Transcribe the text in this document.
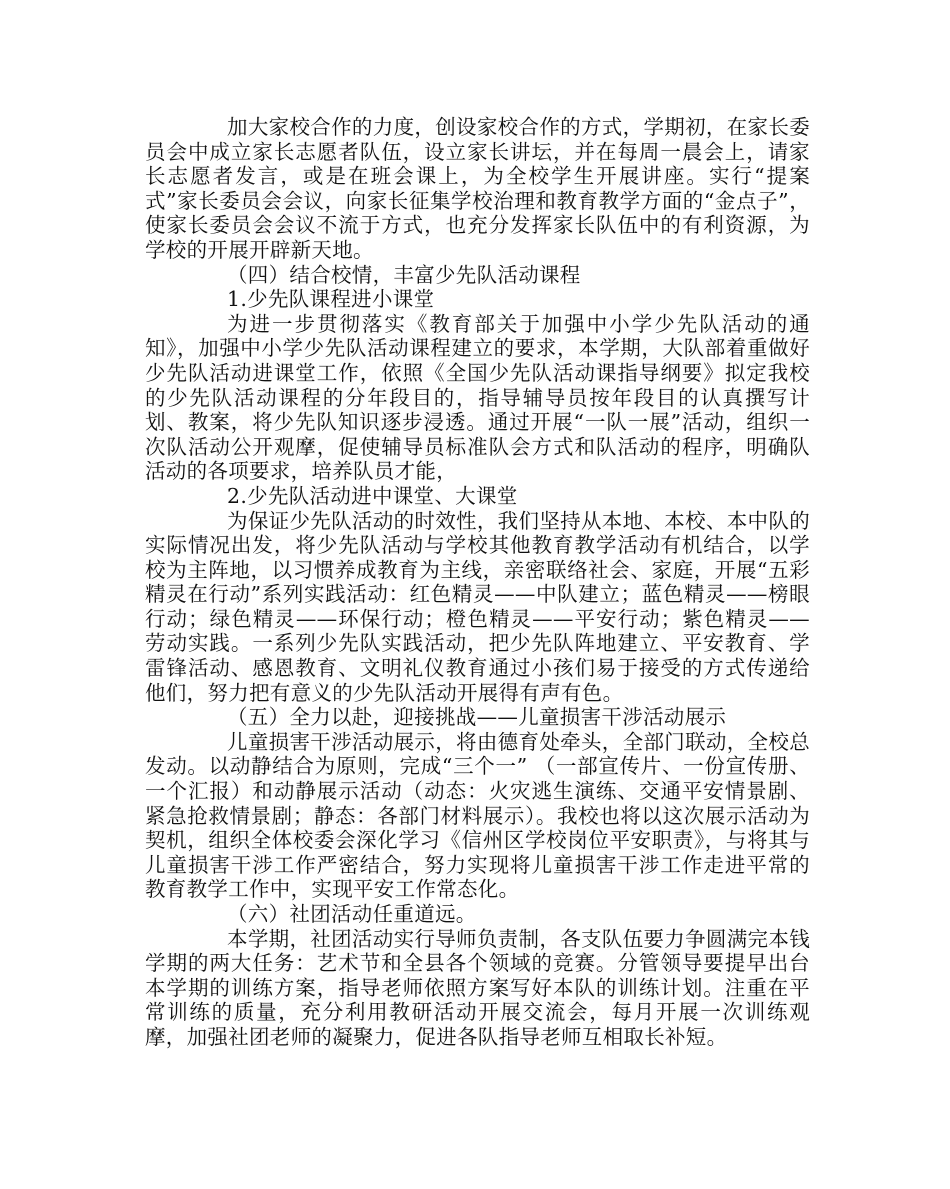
加大家校合作的力度，创设家校合作的方式，学期初，在家长委员会中成立家长志愿者队伍，设立家长讲坛，并在每周一晨会上，请家长志愿者发言，或是在班会课上，为全校学生开展讲座。实行“提案式”家长委员会会议，向家长征集学校治理和教育教学方面的“金点子”，使家长委员会会议不流于方式，也充分发挥家长队伍中的有利资源，为学校的开展开辟新天地。

（四）结合校情，丰富少先队活动课程

1.少先队课程进小课堂

为进一步贯彻落实《教育部关于加强中小学少先队活动的通知》，加强中小学少先队活动课程建立的要求，本学期，大队部着重做好少先队活动进课堂工作，依照《全国少先队活动课指导纲要》拟定我校的少先队活动课程的分年段目的，指导辅导员按年段目的认真撰写计划、教案，将少先队知识逐步浸透。通过开展“一队一展”活动，组织一次队活动公开观摩，促使辅导员标准队会方式和队活动的程序，明确队活动的各项要求，培养队员才能，

2.少先队活动进中课堂、大课堂

为保证少先队活动的时效性，我们坚持从本地、本校、本中队的实际情况出发，将少先队活动与学校其他教育教学活动有机结合，以学校为主阵地，以习惯养成教育为主线，亲密联络社会、家庭，开展“五彩精灵在行动”系列实践活动：红色精灵——中队建立；蓝色精灵——榜眼行动；绿色精灵——环保行动；橙色精灵——平安行动；紫色精灵——劳动实践。一系列少先队实践活动，把少先队阵地建立、平安教育、学雷锋活动、感恩教育、文明礼仪教育通过小孩们易于接受的方式传递给他们，努力把有意义的少先队活动开展得有声有色。

（五）全力以赴，迎接挑战——儿童损害干涉活动展示

儿童损害干涉活动展示，将由德育处牵头，全部门联动，全校总发动。以动静结合为原则，完成“三个一” （一部宣传片、一份宣传册、一个汇报）和动静展示活动（动态：火灾逃生演练、交通平安情景剧、紧急抢救情景剧；静态：各部门材料展示）。我校也将以这次展示活动为契机，组织全体校委会深化学习《信州区学校岗位平安职责》，与将其与儿童损害干涉工作严密结合，努力实现将儿童损害干涉工作走进平常的教育教学工作中，实现平安工作常态化。

（六）社团活动任重道远。

本学期，社团活动实行导师负责制，各支队伍要力争圆满完本钱学期的两大任务：艺术节和全县各个领域的竞赛。分管领导要提早出台本学期的训练方案，指导老师依照方案写好本队的训练计划。注重在平常训练的质量，充分利用教研活动开展交流会，每月开展一次训练观摩，加强社团老师的凝聚力，促进各队指导老师互相取长补短。
